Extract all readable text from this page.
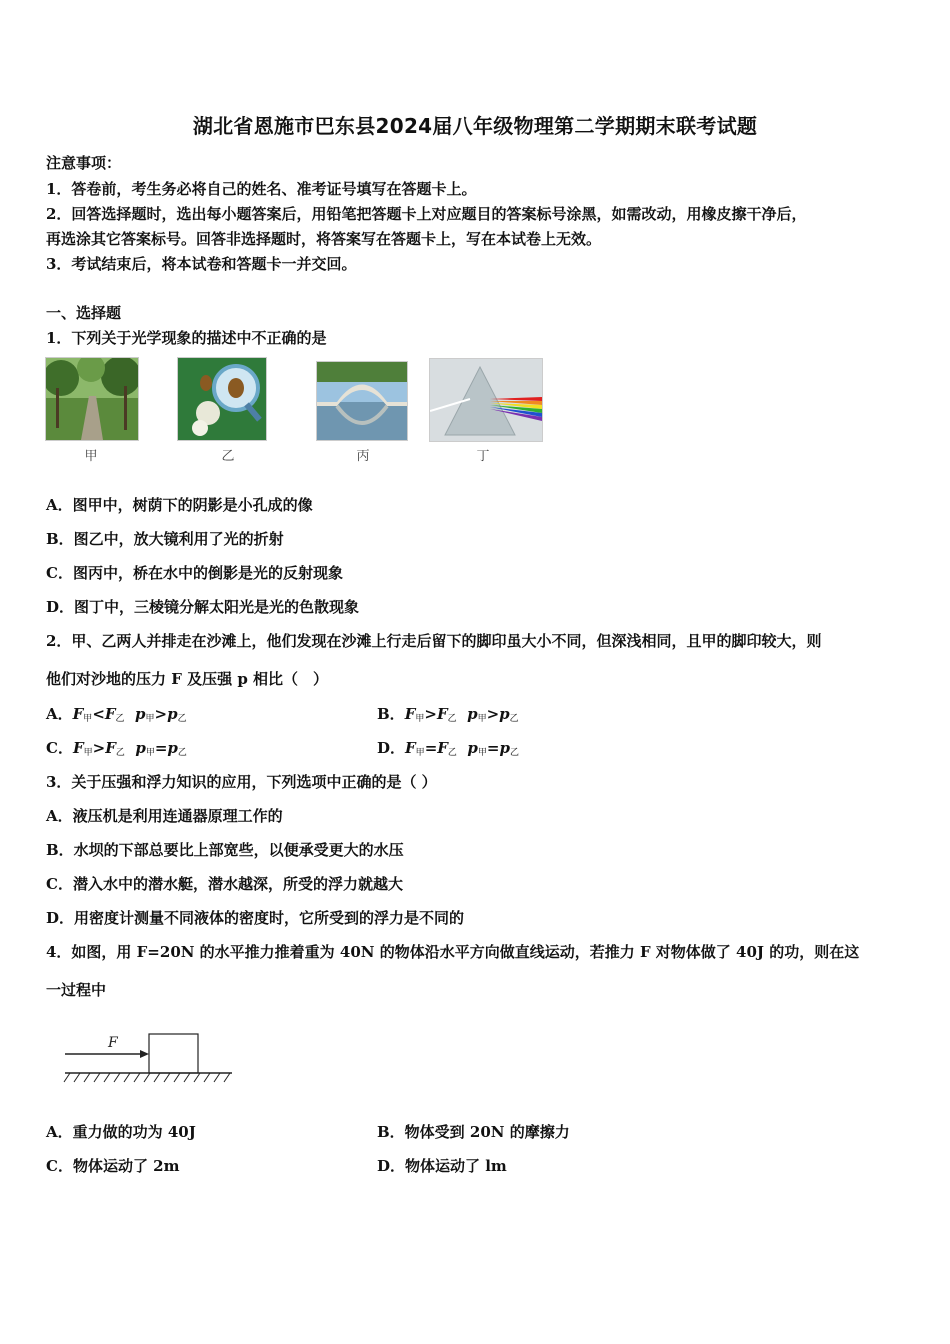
湖北省恩施市巴东县2024届八年级物理第二学期期末联考试题
注意事项：
1．答卷前，考生务必将自己的姓名、准考证号填写在答题卡上。
2．回答选择题时，选出每小题答案后，用铅笔把答题卡上对应题目的答案标号涂黑，如需改动，用橡皮擦干净后，
再选涂其它答案标号。回答非选择题时，将答案写在答题卡上，写在本试卷上无效。
3．考试结束后，将本试卷和答题卡一并交回。
一、选择题
1．下列关于光学现象的描述中不正确的是
甲	乙	丙	丁
A．图甲中，树荫下的阴影是小孔成的像
B．图乙中，放大镜利用了光的折射
C．图丙中，桥在水中的倒影是光的反射现象
D．图丁中，三棱镜分解太阳光是光的色散现象
2．甲、乙两人并排走在沙滩上，他们发现在沙滩上行走后留下的脚印虽大小不同，但深浅相同，且甲的脚印较大，则
他们对沙地的压力 F 及压强 p 相比（　）
A．$F_甲<F_乙$ $p_甲>p_乙$	B．$F_甲>F_乙$ $p_甲>p_乙$
C．$F_甲>F_乙$ $p_甲=p_乙$	D．$F_甲=F_乙$ $p_甲=p_乙$
3．关于压强和浮力知识的应用，下列选项中正确的是（ ）
A．液压机是利用连通器原理工作的
B．水坝的下部总要比上部宽些，以便承受更大的水压
C．潜入水中的潜水艇，潜水越深，所受的浮力就越大
D．用密度计测量不同液体的密度时，它所受到的浮力是不同的
4．如图，用 F=20N 的水平推力推着重为 40N 的物体沿水平方向做直线运动，若推力 F 对物体做了 40J 的功，则在这
一过程中
F
A．重力做的功为 40J	B．物体受到 20N 的摩擦力
C．物体运动了 2m	D．物体运动了 lm
